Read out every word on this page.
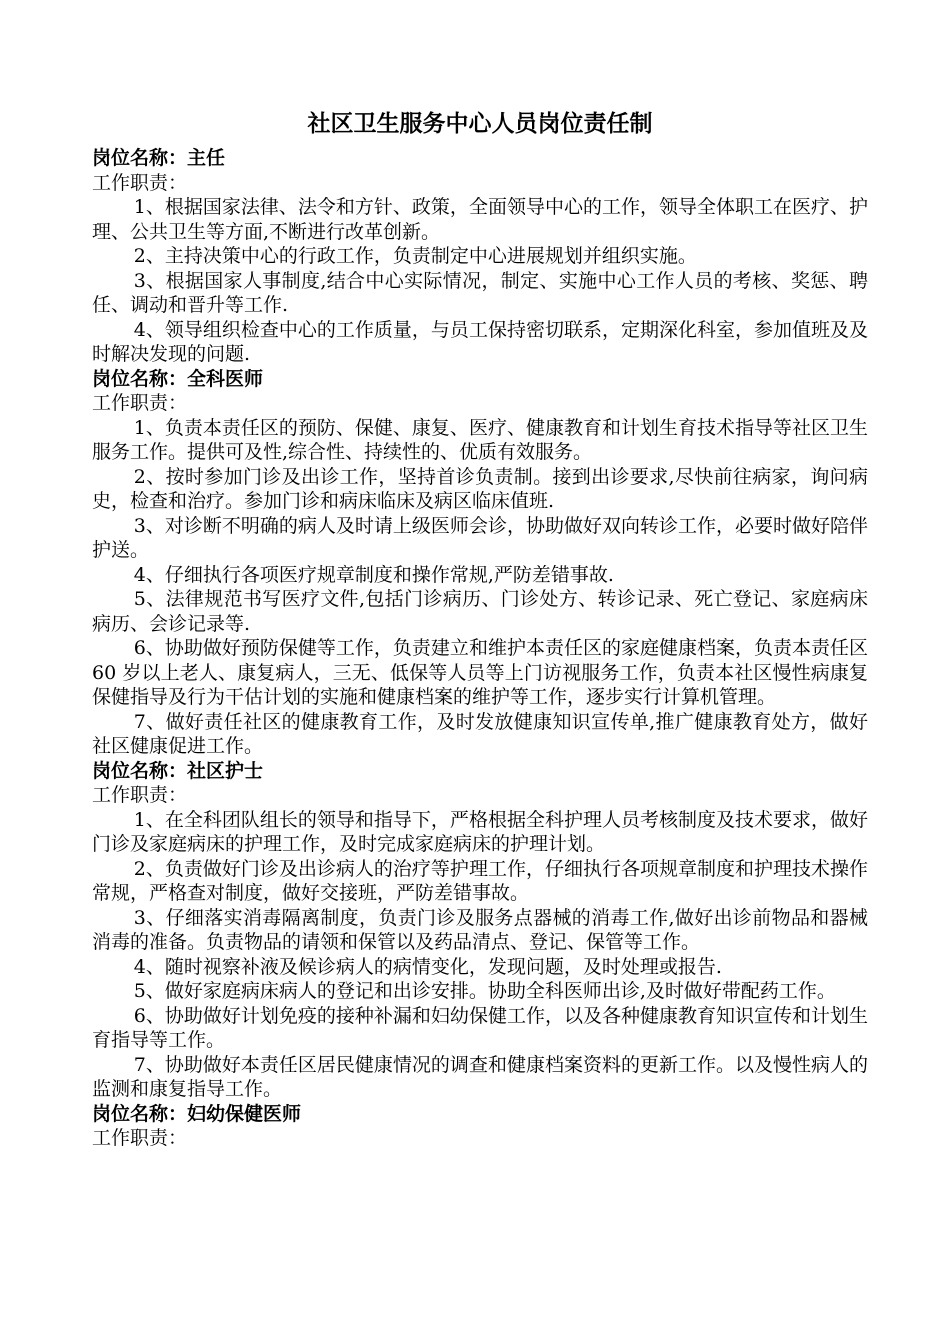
社区卫生服务中心人员岗位责任制
岗位名称：主任
工作职责：
1、根据国家法律、法令和方针、政策，全面领导中心的工作，领导全体职工在医疗、护理、公共卫生等方面,不断进行改革创新。
2、主持决策中心的行政工作，负责制定中心进展规划并组织实施。
3、根据国家人事制度,结合中心实际情况，制定、实施中心工作人员的考核、奖惩、聘任、调动和晋升等工作.
4、领导组织检查中心的工作质量，与员工保持密切联系，定期深化科室，参加值班及及时解决发现的问题.
岗位名称：全科医师
工作职责：
1、负责本责任区的预防、保健、康复、医疗、健康教育和计划生育技术指导等社区卫生服务工作。提供可及性,综合性、持续性的、优质有效服务。
2、按时参加门诊及出诊工作，坚持首诊负责制。接到出诊要求,尽快前往病家，询问病史，检查和治疗。参加门诊和病床临床及病区临床值班.
3、对诊断不明确的病人及时请上级医师会诊，协助做好双向转诊工作，必要时做好陪伴护送。
4、仔细执行各项医疗规章制度和操作常规,严防差错事故.
5、法律规范书写医疗文件,包括门诊病历、门诊处方、转诊记录、死亡登记、家庭病床病历、会诊记录等.
6、协助做好预防保健等工作，负责建立和维护本责任区的家庭健康档案，负责本责任区 60 岁以上老人、康复病人，三无、低保等人员等上门访视服务工作，负责本社区慢性病康复保健指导及行为干估计划的实施和健康档案的维护等工作，逐步实行计算机管理。
7、做好责任社区的健康教育工作，及时发放健康知识宣传单,推广健康教育处方，做好社区健康促进工作。
岗位名称：社区护士
工作职责：
1、在全科团队组长的领导和指导下，严格根据全科护理人员考核制度及技术要求，做好门诊及家庭病床的护理工作，及时完成家庭病床的护理计划。
2、负责做好门诊及出诊病人的治疗等护理工作，仔细执行各项规章制度和护理技术操作常规，严格查对制度，做好交接班，严防差错事故。
3、仔细落实消毒隔离制度，负责门诊及服务点器械的消毒工作,做好出诊前物品和器械消毒的准备。负责物品的请领和保管以及药品清点、登记、保管等工作。
4、随时视察补液及候诊病人的病情变化，发现问题，及时处理或报告.
5、做好家庭病床病人的登记和出诊安排。协助全科医师出诊,及时做好带配药工作。
6、协助做好计划免疫的接种补漏和妇幼保健工作，以及各种健康教育知识宣传和计划生育指导等工作。
7、协助做好本责任区居民健康情况的调查和健康档案资料的更新工作。以及慢性病人的监测和康复指导工作。
岗位名称：妇幼保健医师
工作职责：
